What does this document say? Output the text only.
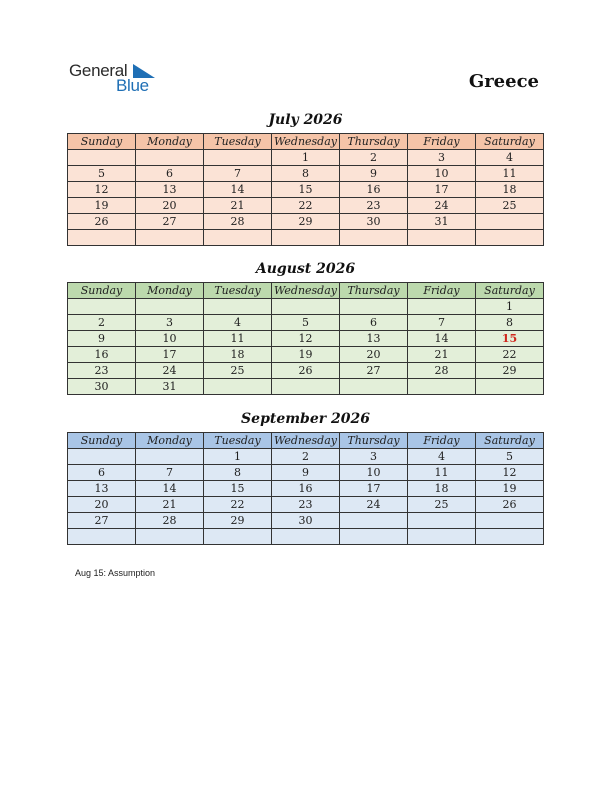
General
Blue	Greece
July 2026
Sunday	Monday	Tuesday	Wednesday	Thursday	Friday	Saturday
			1	2	3	4
5	6	7	8	9	10	11
12	13	14	15	16	17	18
19	20	21	22	23	24	25
26	27	28	29	30	31	

August 2026
Sunday	Monday	Tuesday	Wednesday	Thursday	Friday	Saturday
						1
2	3	4	5	6	7	8
9	10	11	12	13	14	15
16	17	18	19	20	21	22
23	24	25	26	27	28	29
30	31					
September 2026
Sunday	Monday	Tuesday	Wednesday	Thursday	Friday	Saturday
		1	2	3	4	5
6	7	8	9	10	11	12
13	14	15	16	17	18	19
20	21	22	23	24	25	26
27	28	29	30			

Aug 15: Assumption
